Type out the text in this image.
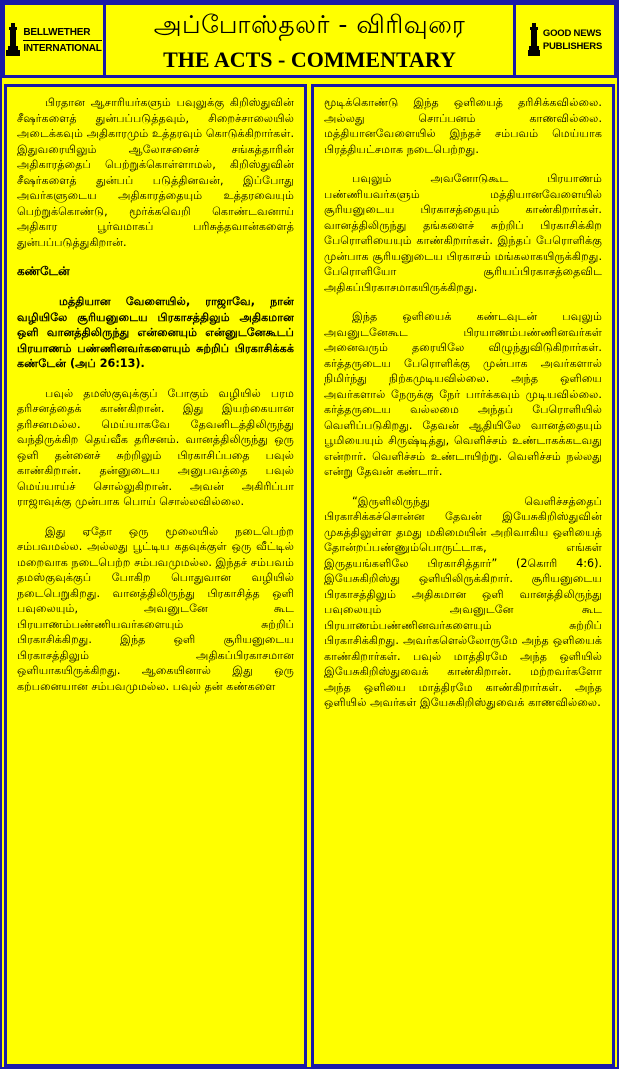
BELLWETHER
INTERNATIONAL
அப்போஸ்தலர் - விரிவுரை
THE ACTS - COMMENTARY
GOOD NEWS
PUBLISHERS

பிரதான ஆசாரியர்களும் பவுலுக்கு கிறிஸ்துவின் சீஷர்களைத் துன்பப்படுத்தவும், சிறைச்சாலையில் அடைக்கவும் அதிகாரமும் உத்தரவும் கொடுக்கிறார்கள். இதுவரையிலும் ஆலோசனைச் சங்கத்தாரின் அதிகாரத்தைப் பெற்றுக்கொள்ளாமல், கிறிஸ்துவின் சீஷர்களைத் துன்பப் படுத்தினவன், இப்போது அவர்களுடைய அதிகாரத்தையும் உத்தரவையும் பெற்றுக்கொண்டு, மூர்க்கவெறி கொண்டவனாய் அதிகார பூர்வமாகப் பரிசுத்தவான்களைத் துன்பப்படுத்துகிறான்.

கண்டேன்

மத்தியான வேளையில், ராஜாவே, நான் வழியிலே சூரியனுடைய பிரகாசத்திலும் அதிகமான ஒளி வானத்திலிருந்து என்னையும் என்னுடனேகூடப் பிரயாணம் பண்ணினவர்களையும் சுற்றிப் பிரகாசிக்கக் கண்டேன் (அப் 26:13).

பவுல் தமஸ்குவுக்குப் போகும் வழியில் பரம தரிசனத்தைக் காண்கிறான். இது இயற்கையான தரிசனமல்ல. மெய்யாகவே தேவனிடத்திலிருந்து வந்திருக்கிற தெய்வீக தரிசனம். வானத்திலிருந்து ஒரு ஒளி தன்னைச் சுற்றிலும் பிரகாசிப்பதை பவுல் காண்கிறான். தன்னுடைய அனுபவத்தை பவுல் மெய்யாய்ச் சொல்லுகிறான். அவன் அகிரிப்பா ராஜாவுக்கு முன்பாக பொய் சொல்லவில்லை.

இது ஏதோ ஒரு மூலையில் நடைபெற்ற சம்பவமல்ல. அல்லது பூட்டிய கதவுக்குள் ஒரு வீட்டில் மறைவாக நடைபெற்ற சம்பவமுமல்ல. இந்தச் சம்பவம் தமஸ்குவுக்குப் போகிற பொதுவான வழியில் நடைபெறுகிறது. வானத்திலிருந்து பிரகாசித்த ஒளி பவுலையும், அவனுடனே கூட பிரயாணம்பண்ணியவர்களையும் சுற்றிப் பிரகாசிக்கிறது. இந்த ஒளி சூரியனுடைய பிரகாசத்திலும் அதிகப்பிரகாசமான ஒளியாகயிருக்கிறது. ஆகையினால் இது ஒரு கற்பனையான சம்பவமுமல்ல. பவுல் தன் கண்களை

மூடிக்கொண்டு இந்த ஒளியைத் தரிசிக்கவில்லை. அல்லது சொப்பனம் காணவில்லை. மத்தியானவேளையில் இந்தச் சம்பவம் மெய்யாக பிரத்தியட்சமாக நடைபெற்றது.

பவுலும் அவனோடுகூட பிரயாணம் பண்ணியவர்களும் மத்தியானவேளையில் சூரியனுடைய பிரகாசத்தையும் காண்கிறார்கள். வானத்திலிருந்து தங்களைச் சுற்றிப் பிரகாசிக்கிற பேரொளியையும் காண்கிறார்கள். இந்தப் பேரொளிக்கு முன்பாக சூரியனுடைய பிரகாசம் மங்கலாகயிருக்கிறது. பேரொளியோ சூரியப்பிரகாசத்தைவிட அதிகப்பிரகாசமாகயிருக்கிறது.

இந்த ஒளியைக் கண்டவுடன் பவுலும் அவனுடனேகூட பிரயாணம்பண்ணினவர்கள் அனைவரும் தரையிலே விழுந்துவிடுகிறார்கள். கர்த்தருடைய பேரொளிக்கு முன்பாக அவர்களால் நிமிர்ந்து நிற்கமுடியவில்லை. அந்த ஒளியை அவர்களால் நேருக்கு நேர் பார்க்கவும் முடியவில்லை. கர்த்தருடைய வல்லமை அந்தப் பேரொளியில் வெளிப்படுகிறது. தேவன் ஆதியிலே வானத்தையும் பூமியையும் சிருஷ்டித்து, வெளிச்சம் உண்டாகக்கடவது என்றார். வெளிச்சம் உண்டாயிற்று. வெளிச்சம் நல்லது என்று தேவன் கண்டார்.

“இருளிலிருந்து வெளிச்சத்தைப் பிரகாசிக்கச்சொன்ன தேவன் இயேசுகிறிஸ்துவின் முகத்திலுள்ள தமது மகிமையின் அறிவாகிய ஒளியைத் தோன்றப்பண்ணும்பொருட்டாக, எங்கள் இருதயங்களிலே பிரகாசித்தார்” (2கொரி 4:6). இயேசுகிறிஸ்து ஒளியிலிருக்கிறார். சூரியனுடைய பிரகாசத்திலும் அதிகமான ஒளி வானத்திலிருந்து பவுலையும் அவனுடனே கூட பிரயாணம்பண்ணினவர்களையும் சுற்றிப் பிரகாசிக்கிறது. அவர்களெல்லோருமே அந்த ஒளியைக் காண்கிறார்கள். பவுல் மாத்திரமே அந்த ஒளியில் இயேசுகிறிஸ்துவைக் காண்கிறான். மற்றவர்களோ அந்த ஒளியை மாத்திரமே காண்கிறார்கள். அந்த ஒளியில் அவர்கள் இயேசுகிறிஸ்துவைக் காணவில்லை.
